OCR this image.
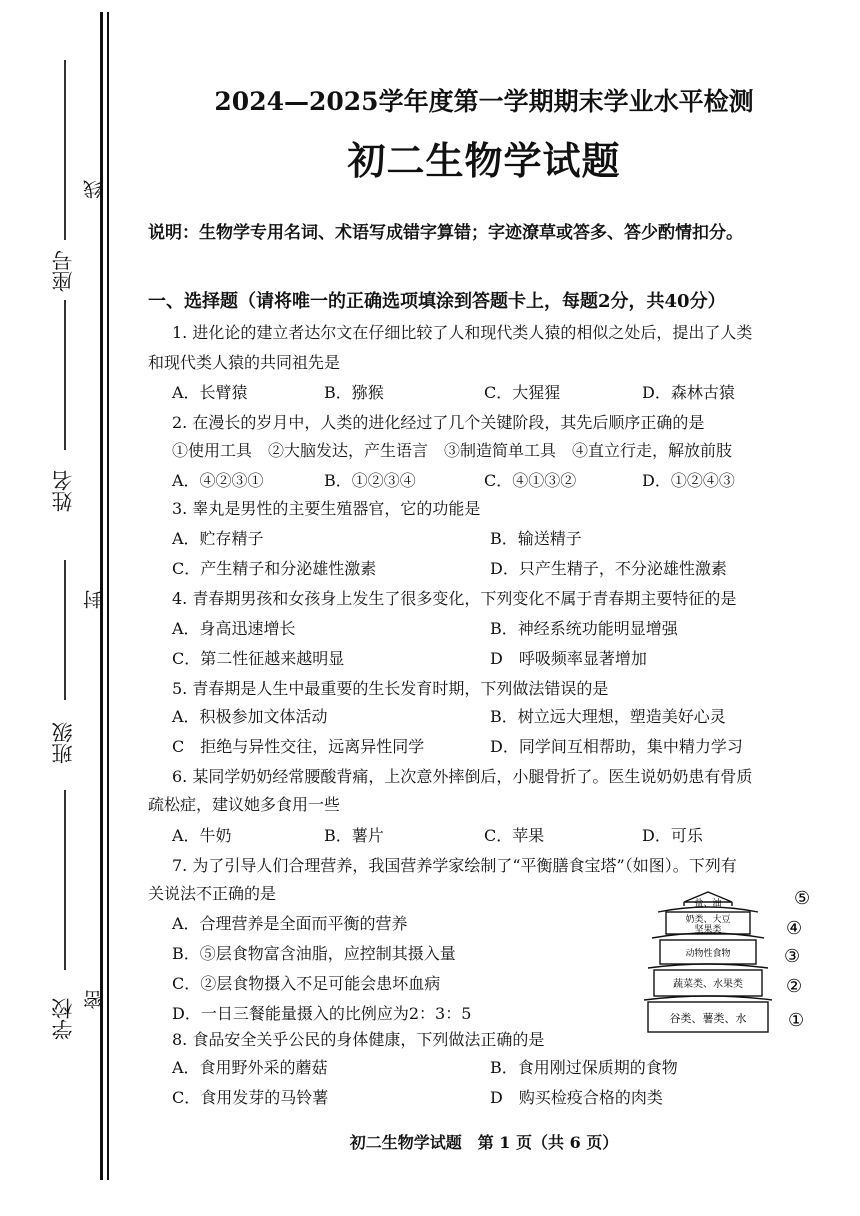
线
座号
姓名
封
班级
学校 密
2024—2025学年度第一学期期末学业水平检测
初二生物学试题
说明：生物学专用名词、术语写成错字算错；字迹潦草或答多、答少酌情扣分。
一、选择题（请将唯一的正确选项填涂到答题卡上，每题2分，共40分）
1. 进化论的建立者达尔文在仔细比较了人和现代类人猿的相似之处后，提出了人类
和现代类人猿的共同祖先是
A．长臂猿	B．猕猴	C．大猩猩	D．森林古猿
2. 在漫长的岁月中，人类的进化经过了几个关键阶段，其先后顺序正确的是
①使用工具　②大脑发达，产生语言　③制造简单工具　④直立行走，解放前肢
A．④②③①	B．①②③④	C．④①③②	D．①②④③
3. 睾丸是男性的主要生殖器官，它的功能是
A．贮存精子	B．输送精子
C．产生精子和分泌雄性激素	D．只产生精子，不分泌雄性激素
4. 青春期男孩和女孩身上发生了很多变化，下列变化不属于青春期主要特征的是
A．身高迅速增长	B．神经系统功能明显增强
C．第二性征越来越明显	D　呼吸频率显著增加
5. 青春期是人生中最重要的生长发育时期，下列做法错误的是
A．积极参加文体活动	B．树立远大理想，塑造美好心灵
C　拒绝与异性交往，远离异性同学	D．同学间互相帮助，集中精力学习
6. 某同学奶奶经常腰酸背痛，上次意外摔倒后，小腿骨折了。医生说奶奶患有骨质
疏松症，建议她多食用一些
A．牛奶	B．薯片	C．苹果	D．可乐
7. 为了引导人们合理营养，我国营养学家绘制了“平衡膳食宝塔”（如图）。下列有
关说法不正确的是
A．合理营养是全面而平衡的营养
B．⑤层食物富含油脂，应控制其摄入量
C．②层食物摄入不足可能会患坏血病
D．一日三餐能量摄入的比例应为2：3：5
8. 食品安全关乎公民的身体健康，下列做法正确的是
A．食用野外采的蘑菇	B．食用刚过保质期的食物
C．食用发芽的马铃薯	D　购买检疫合格的肉类
盐、油
奶类、大豆
坚果类
动物性食物
蔬菜类、水果类
谷类、薯类、水
⑤
④
③
②
①
初二生物学试题　第 1 页（共 6 页）
